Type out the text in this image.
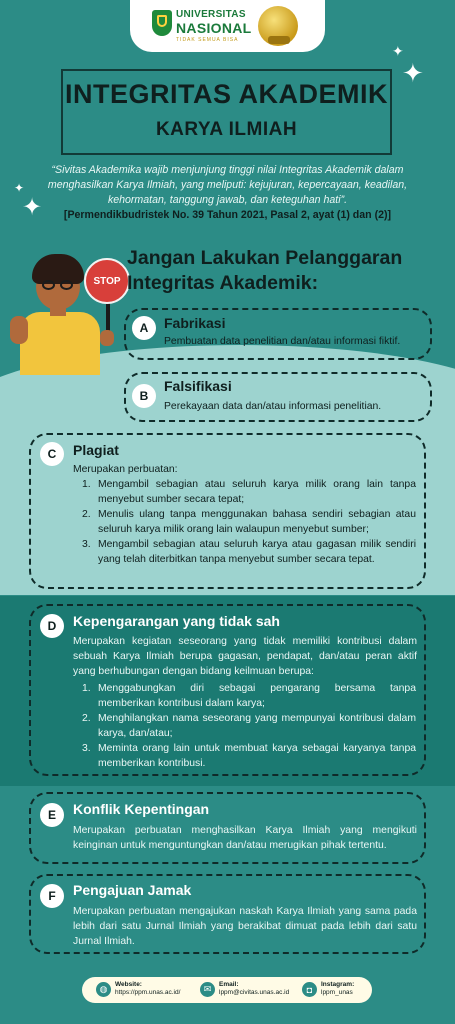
UNIVERSITAS
NASIONAL
TIDAK SEMUA BISA
✦
✦
✦
✦
INTEGRITAS AKADEMIK
KARYA ILMIAH
“Sivitas Akademika wajib menjunjung tinggi nilai Integritas Akademik dalam menghasilkan Karya Ilmiah, yang meliputi: kejujuran, kepercayaan, keadilan, kehormatan, tanggung jawab, dan keteguhan hati”.
[Permendikbudristek No. 39 Tahun 2021, Pasal 2, ayat (1) dan (2)]
STOP
Jangan Lakukan Pelanggaran Integritas Akademik:
A	Fabrikasi
Pembuatan data penelitian dan/atau informasi fiktif.
B
Falsifikasi
Perekayaan data dan/atau informasi penelitian.
C	Plagiat
Merupakan perbuatan:
1. Mengambil sebagian atau seluruh karya milik orang lain tanpa menyebut sumber secara tepat;
2. Menulis ulang tanpa menggunakan bahasa sendiri sebagian atau seluruh karya milik orang lain walaupun menyebut sumber;
3. Mengambil sebagian atau seluruh karya atau gagasan milik sendiri yang telah diterbitkan tanpa menyebut sumber secara tepat.
D	Kepengarangan yang tidak sah
Merupakan kegiatan seseorang yang tidak memiliki kontribusi dalam sebuah Karya Ilmiah berupa gagasan, pendapat, dan/atau peran aktif yang berhubungan dengan bidang keilmuan berupa:
1. Menggabungkan diri sebagai pengarang bersama tanpa memberikan kontribusi dalam karya;
2. Menghilangkan nama seseorang yang mempunyai kontribusi dalam karya, dan/atau;
3. Meminta orang lain untuk membuat karya sebagai karyanya tanpa memberikan kontribusi.
E	Konflik Kepentingan
Merupakan perbuatan menghasilkan Karya Ilmiah yang mengikuti keinginan untuk menguntungkan dan/atau merugikan pihak tertentu.
F	Pengajuan Jamak
Merupakan perbuatan mengajukan naskah Karya Ilmiah yang sama pada lebih dari satu Jurnal Ilmiah yang berakibat dimuat pada lebih dari satu Jurnal Ilmiah.
◍	Website:
https://ppm.unas.ac.id/	✉	Email:
lppm@civitas.unas.ac.id	◘	Instagram:
lppm_unas
